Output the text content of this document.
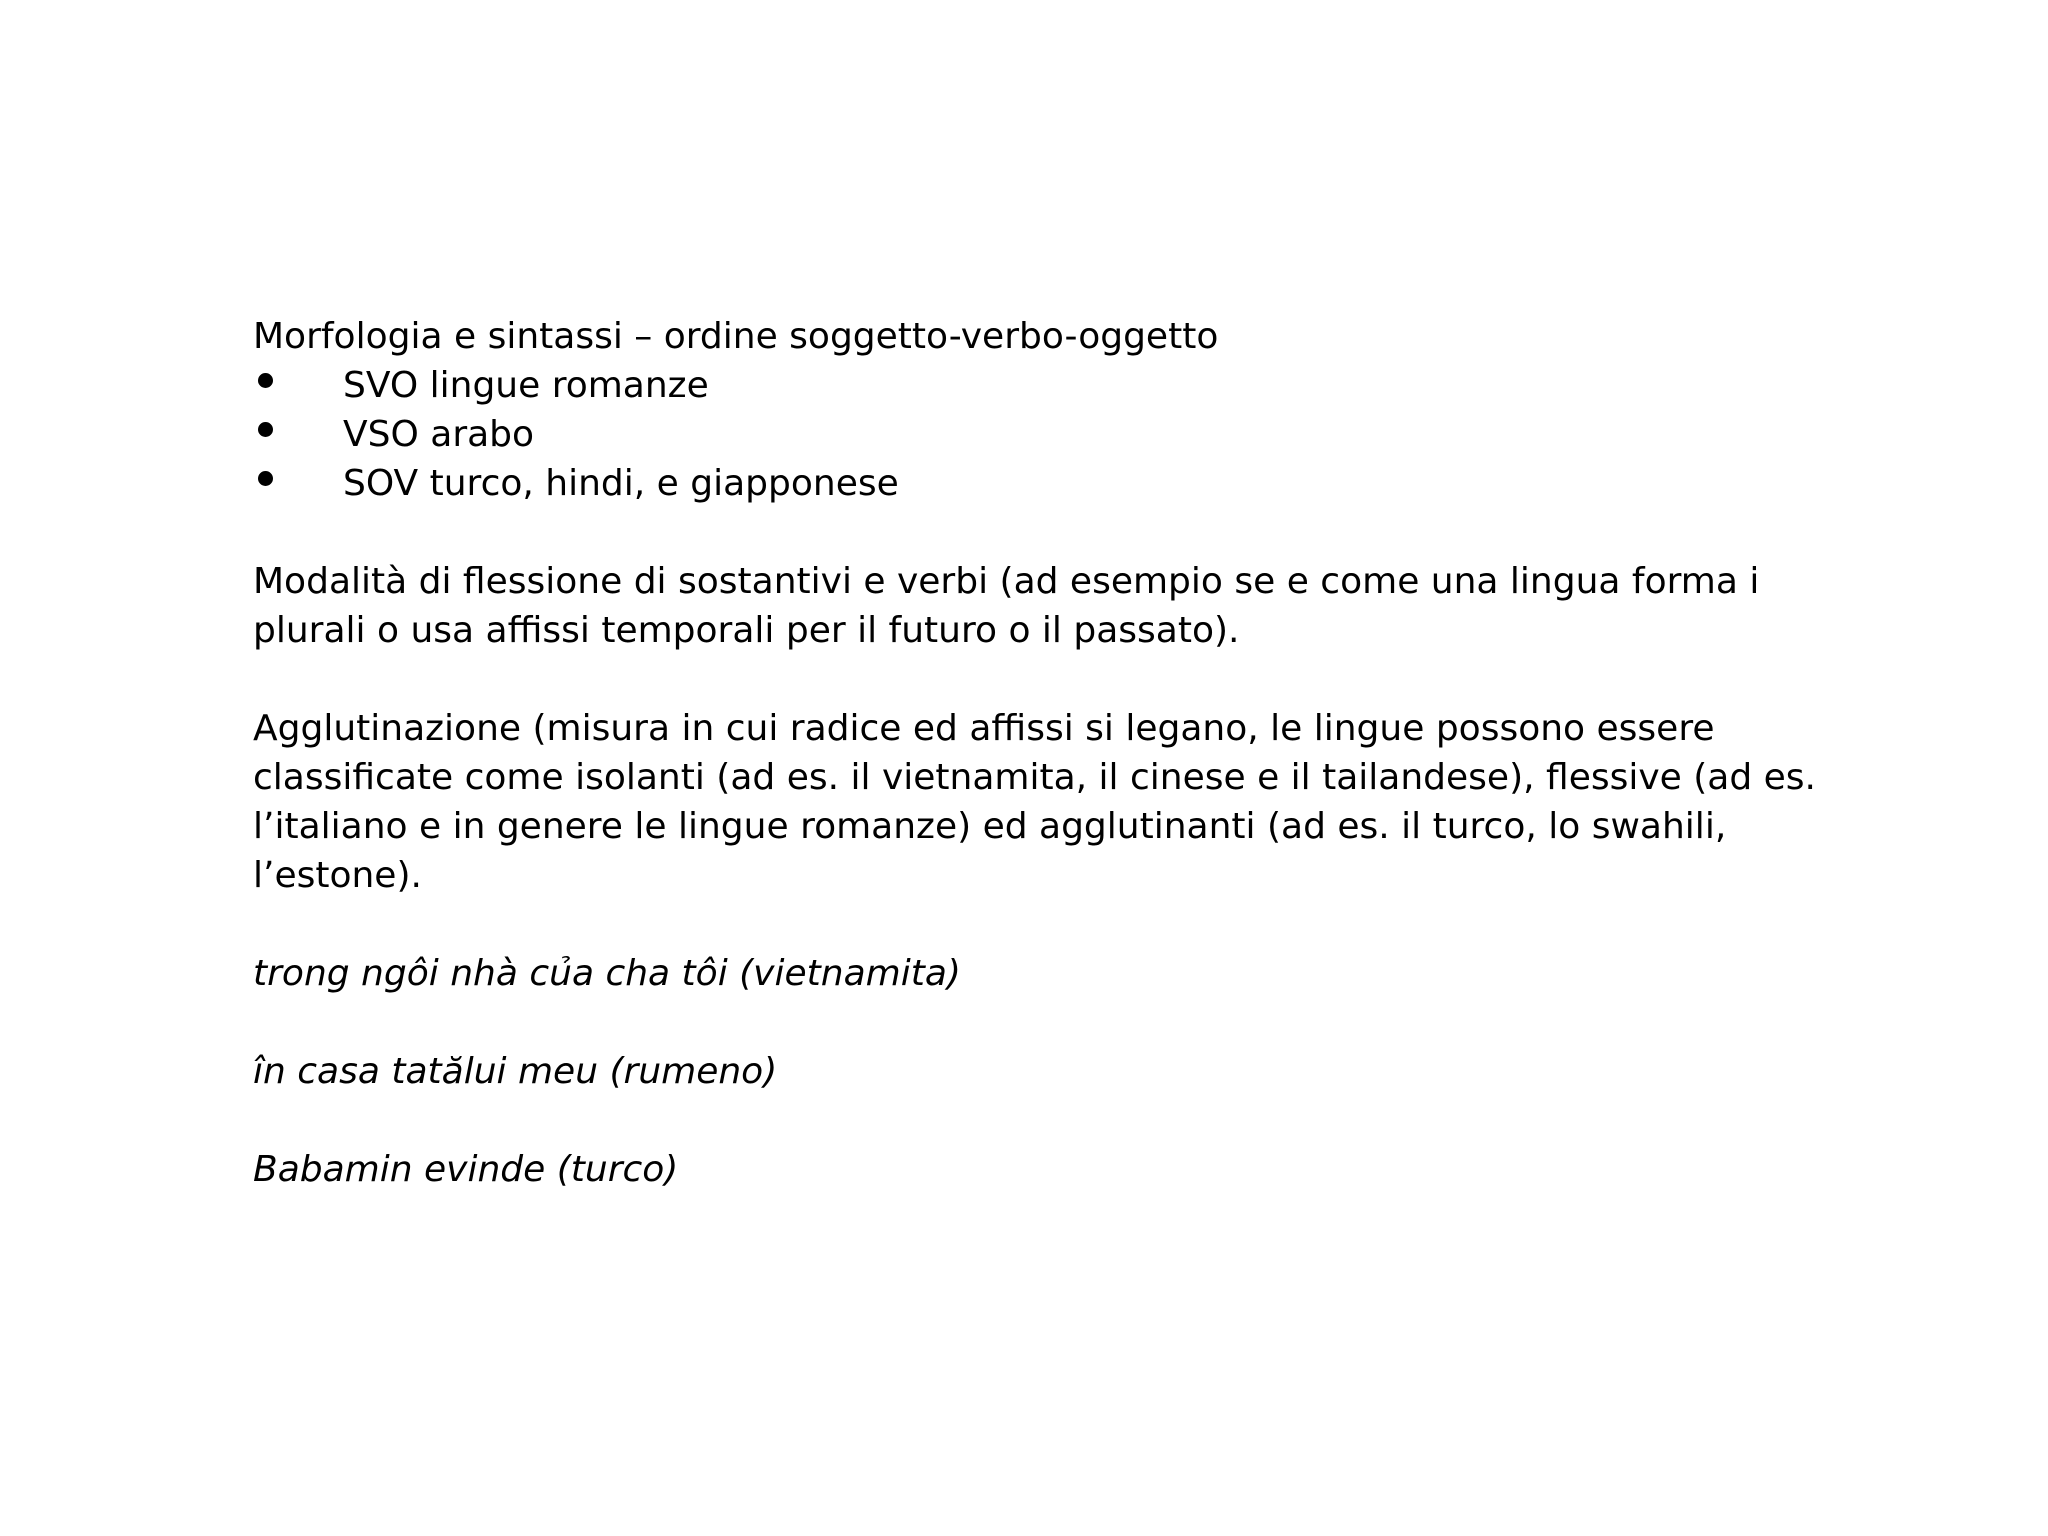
Morfologia e sintassi – ordine soggetto-verbo-oggetto

SVO lingue romanze
VSO arabo
SOV turco, hindi, e giapponese

Modalità di flessione di sostantivi e verbi (ad esempio se e come una lingua forma i plurali o usa affissi temporali per il futuro o il passato).

Agglutinazione (misura in cui radice ed affissi si legano, le lingue possono essere classificate come isolanti (ad es. il vietnamita, il cinese e il tailandese), flessive (ad es. l’italiano e in genere le lingue romanze) ed agglutinanti (ad es. il turco, lo swahili, l’estone).

trong ngôi nhà của cha tôi (vietnamita)

în casa tatălui meu (rumeno)

Babamin evinde (turco)
